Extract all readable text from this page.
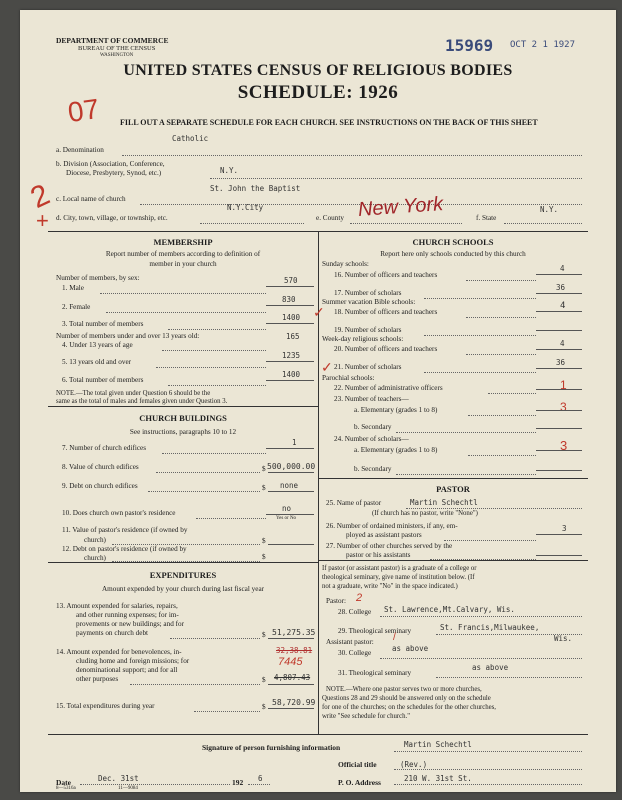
DEPARTMENT OF COMMERCE
BUREAU OF THE CENSUS
WASHINGTON
15969 OCT 2 1 1927
UNITED STATES CENSUS OF RELIGIOUS BODIES
SCHEDULE: 1926
07 FILL OUT A SEPARATE SCHEDULE FOR EACH CHURCH. SEE INSTRUCTIONS ON THE BACK OF THIS SHEET
Catholic
a. Denomination
b. Division (Association, Conference,
Diocese, Presbytery, Synod, etc.)	N.Y.
2
+
St. John the Baptist
c. Local name of church
N.Y.City
d. City, town, village, or township, etc.	e. County New York	f. State
N.Y.
MEMBERSHIP
Report number of members according to definition of
member in your church
Number of members, by sex:
1. Male
570
2. Female
830
3. Total number of members
1400 ✓
Number of members under and over 13 years old:
4. Under 13 years of age
165
5. 13 years old and over
1235
6. Total number of members
1400 ✓
NOTE.—The total given under Question 6 should be the
same as the total of males and females given under Question 3.
CHURCH BUILDINGS
See instructions, paragraphs 10 to 12
7. Number of church edifices
1
8. Value of church edifices	$ 500,000.00
9. Debt on church edifices	$ none
10. Does church own pastor's residence	no
Yes or No
11. Value of pastor's residence (if owned by
church)	$
12. Debt on pastor's residence (if owned by
church)	$
EXPENDITURES
Amount expended by your church during last fiscal year
13. Amount expended for salaries, repairs,
and other running expenses; for im-
provements or new buildings; and for
payments on church debt	$ 51,275.35
14. Amount expended for benevolences, in-
cluding home and foreign missions; for
denominational support; and for all
other purposes
32,38.81
7445
$ 4,807.43
15. Total expenditures during year	$ 58,720.99
CHURCH SCHOOLS
Report here only schools conducted by this church
Sunday schools:
16. Number of officers and teachers
4
17. Number of scholars
36
Summer vacation Bible schools:
18. Number of officers and teachers
4
19. Number of scholars
Week-day religious schools:
20. Number of officers and teachers
4
21. Number of scholars	36
Parochial schools:
22. Number of administrative officers	1
23. Number of teachers—
a. Elementary (grades 1 to 8)	3
b. Secondary
24. Number of scholars—
a. Elementary (grades 1 to 8)	3
b. Secondary
PASTOR
25. Name of pastor	Martin Schechtl
(If church has no pastor, write "None")
26. Number of ordained ministers, if any, em-
ployed as assistant pastors
3
27. Number of other churches served by the
pastor or his assistants
If pastor (or assistant pastor) is a graduate of a college or
theological seminary, give name of institution below. (If
not a graduate, write "No" in the space indicated.)
Pastor: 2
28. College St. Lawrence,Mt.Calvary, Wis.
29. Theological seminary	St. Francis,Milwaukee,
Wis.
Assistant pastor: /
30. College	as above
31. Theological seminary
as above
NOTE.—Where one pastor serves two or more churches,
Questions 28 and 29 should be answered only on the schedule
for one of the churches; on the schedules for the other churches,
write "See schedule for church."
Signature of person furnishing information	Martin Schechtl
Official title	(Rev.)
Date	Dec. 31st	192 6	P. O. Address	210 W. 31st St.
8—5316a	11—9084
